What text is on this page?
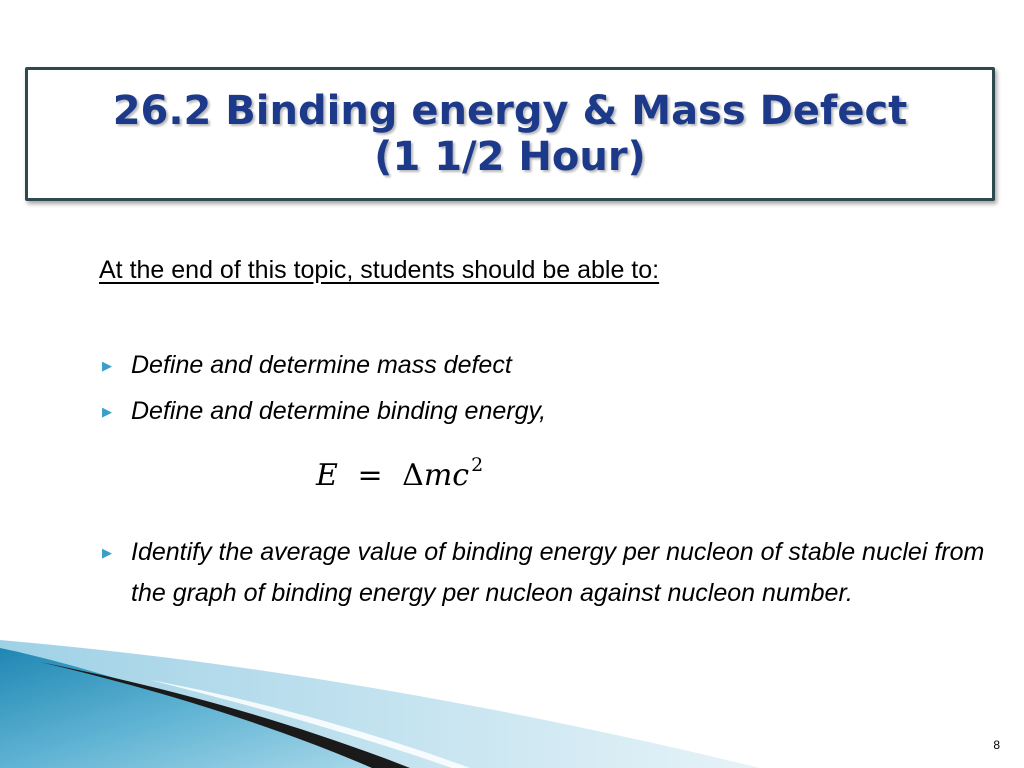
26.2 Binding energy & Mass Defect
(1 1/2 Hour)
At the end of this topic, students should be able to:
▶ Define and determine mass defect
▶ Define and determine binding energy,
▶ Identify the average value of binding energy per nucleon of stable nuclei from the graph of binding energy per nucleon against nucleon number.
E = Δmc $^2$
8
